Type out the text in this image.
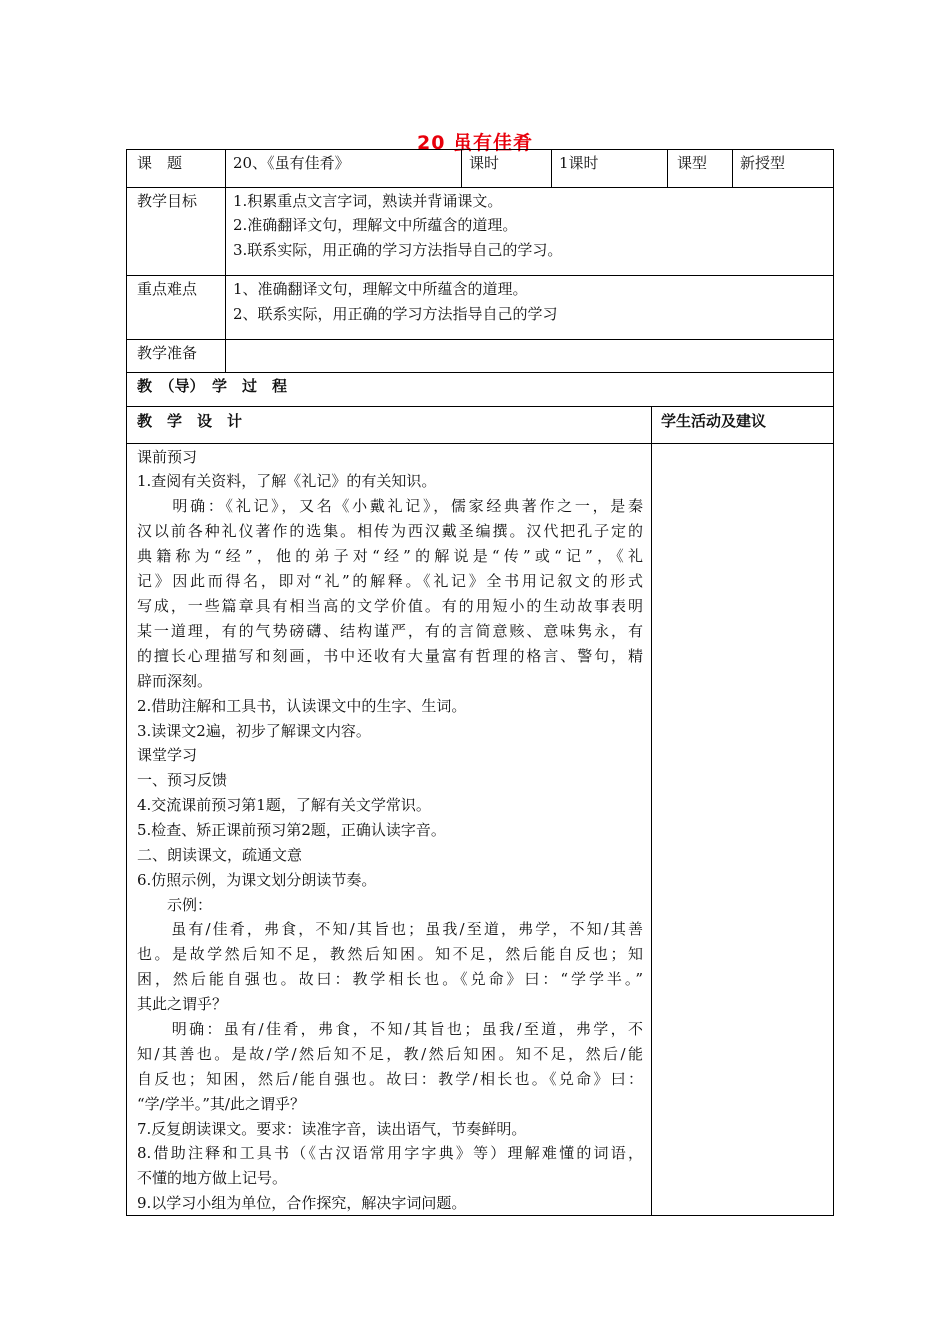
20 虽有佳肴
课　题	20、《虽有佳肴》	课时	1课时	课型 新授型
教学目标 1.积累重点文言字词，熟读并背诵课文。
2.准确翻译文句，理解文中所蕴含的道理。
3.联系实际，用正确的学习方法指导自己的学习。
重点难点 1、准确翻译文句，理解文中所蕴含的道理。
2、联系实际，用正确的学习方法指导自己的学习
教学准备
教　（导）　学　过　程
教　学　设　计	学生活动及建议
课前预习
1.查阅有关资料，了解《礼记》的有关知识。
　　明确：《礼记》，又名《小戴礼记》，儒家经典著作之一，是秦
汉以前各种礼仪著作的选集。相传为西汉戴圣编撰。汉代把孔子定的
典籍称为“经”，他的弟子对“经”的解说是“传”或“记”，《礼
记》因此而得名，即对“礼”的解释。《礼记》全书用记叙文的形式
写成，一些篇章具有相当高的文学价值。有的用短小的生动故事表明
某一道理，有的气势磅礴、结构谨严，有的言简意赅、意味隽永，有
的擅长心理描写和刻画，书中还收有大量富有哲理的格言、警句，精
辟而深刻。
2.借助注解和工具书，认读课文中的生字、生词。
3.读课文2遍，初步了解课文内容。
课堂学习
一、预习反馈
4.交流课前预习第1题，了解有关文学常识。
5.检查、矫正课前预习第2题，正确认读字音。
二、朗读课文，疏通文意
6.仿照示例，为课文划分朗读节奏。
　　示例：
　　虽有/佳肴，弗食，不知/其旨也；虽我/至道，弗学，不知/其善
也。是故学然后知不足，教然后知困。知不足，然后能自反也；知
困，然后能自强也。故曰：教学相长也。《兑命》曰：“学学半。”
其此之谓乎？
　　明确：虽有/佳肴，弗食，不知/其旨也；虽我/至道，弗学，不
知/其善也。是故/学/然后知不足，教/然后知困。知不足，然后/能
自反也；知困，然后/能自强也。故曰：教学/相长也。《兑命》曰：
“学/学半。”其/此之谓乎？
7.反复朗读课文。要求：读准字音，读出语气，节奏鲜明。
8.借助注释和工具书（《古汉语常用字字典》等）理解难懂的词语，
不懂的地方做上记号。
9.以学习小组为单位，合作探究，解决字词问题。
